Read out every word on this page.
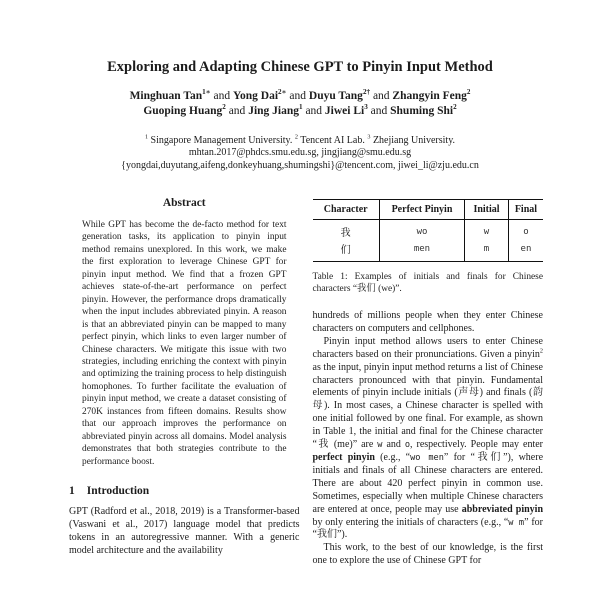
Exploring and Adapting Chinese GPT to Pinyin Input Method
Minghuan Tan$^{1∗}$ and Yong Dai$^{2∗}$ and Duyu Tang$^{2\dagger}$ and Zhangyin Feng$^2$
Guoping Huang$^2$ and Jing Jiang$^1$ and Jiwei Li$^3$ and Shuming Shi$^2$
$^1$ Singapore Management University. $^2$ Tencent AI Lab. $^3$ Zhejiang University.
mhtan.2017@phdcs.smu.edu.sg, jingjiang@smu.edu.sg
{yongdai,duyutang,aifeng,donkeyhuang,shumingshi}@tencent.com, jiwei_li@zju.edu.cn
Abstract

While GPT has become the de-facto method for text generation tasks, its application to pinyin input method remains unexplored. In this work, we make the first exploration to leverage Chinese GPT for pinyin input method. We find that a frozen GPT achieves state-of-the-art performance on perfect pinyin. However, the performance drops dramatically when the input includes abbreviated pinyin. A reason is that an abbreviated pinyin can be mapped to many perfect pinyin, which links to even larger number of Chinese characters. We mitigate this issue with two strategies, including enriching the context with pinyin and optimizing the training process to help distinguish homophones. To further facilitate the evaluation of pinyin input method, we create a dataset consisting of 270K instances from fifteen domains. Results show that our approach improves the performance on abbreviated pinyin across all domains. Model analysis demonstrates that both strategies contribute to the performance boost.

1 Introduction

GPT (Radford et al., 2018, 2019) is a Transformer-based (Vaswani et al., 2017) language model that predicts tokens in an autoregressive manner. With a generic model architecture and the availability

Character	Perfect Pinyin	Initial	Final
我	wo	w	o
们	men	m	en
Table 1: Examples of initials and finals for Chinese characters “我们 (we)”.

hundreds of millions people when they enter Chinese characters on computers and cellphones.

Pinyin input method allows users to enter Chinese characters based on their pronunciations. Given a pinyin$^2$ as the input, pinyin input method returns a list of Chinese characters pronounced with that pinyin. Fundamental elements of pinyin include initials (声母) and finals (韵母). In most cases, a Chinese character is spelled with one initial followed by one final. For example, as shown in Table 1, the initial and final for the Chinese character “我 (me)” are w and o, respectively. People may enter perfect pinyin (e.g., “wo men” for “我们”), where initials and finals of all Chinese characters are entered. There are about 420 perfect pinyin in common use. Sometimes, especially when multiple Chinese characters are entered at once, people may use abbreviated pinyin by only entering the initials of characters (e.g., “w m” for “我们”).

This work, to the best of our knowledge, is the first one to explore the use of Chinese GPT for
